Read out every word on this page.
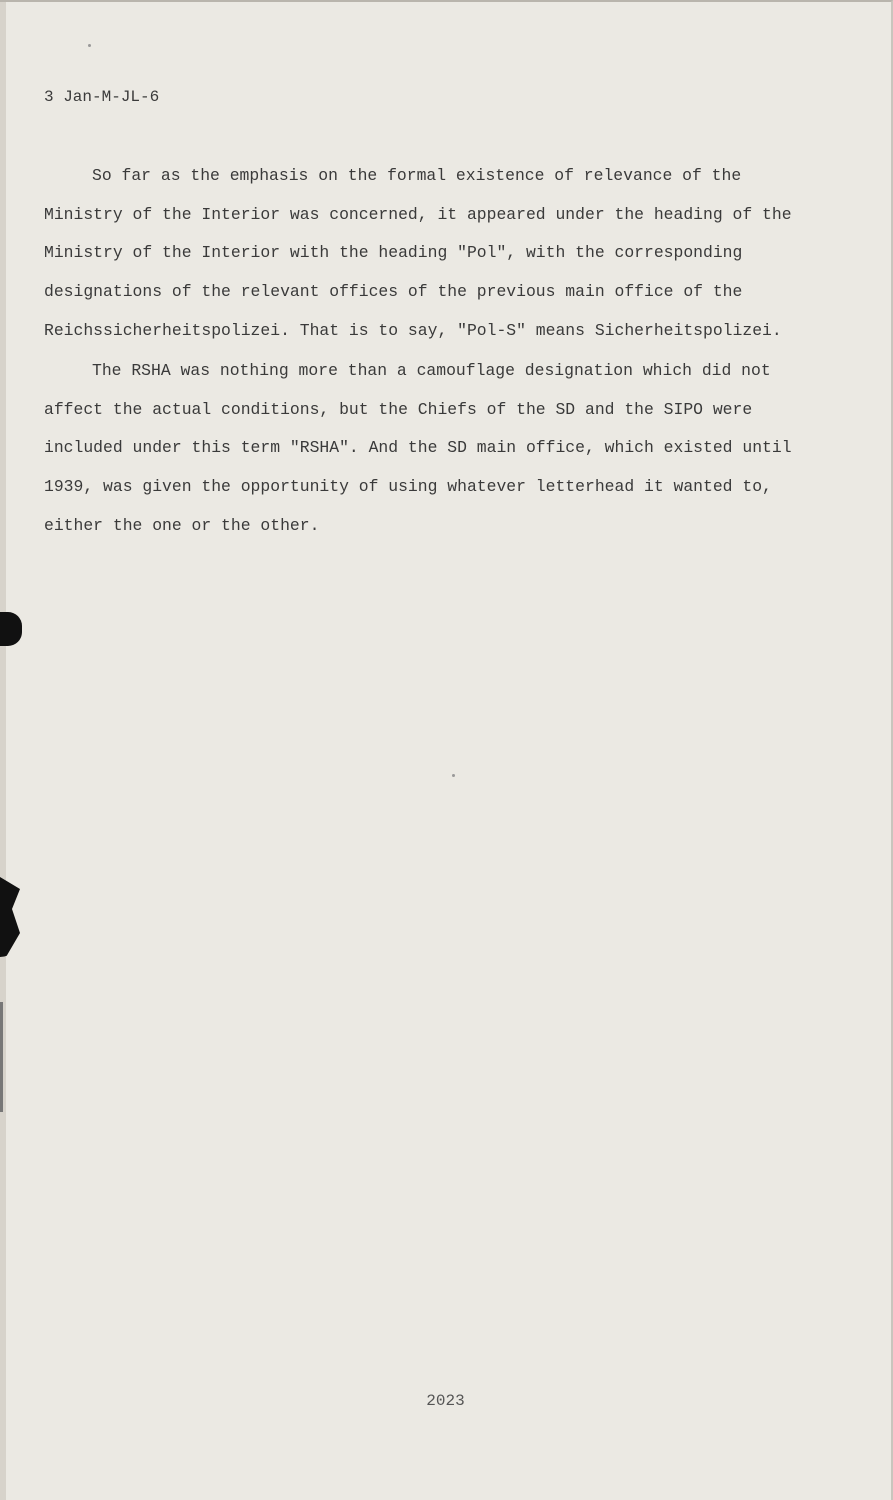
3 Jan-M-JL-6

So far as the emphasis on the formal existence of relevance of the
Ministry of the Interior was concerned, it appeared under the heading of the
Ministry of the Interior with the heading "Pol", with the corresponding
designations of the relevant offices of the previous main office of the
Reichssicherheitspolizei. That is to say, "Pol-S" means Sicherheitspolizei.

The RSHA was nothing more than a camouflage designation which did not
affect the actual conditions, but the Chiefs of the SD and the SIPO were
included under this term "RSHA". And the SD main office, which existed until
1939, was given the opportunity of using whatever letterhead it wanted to,
either the one or the other.

2023
